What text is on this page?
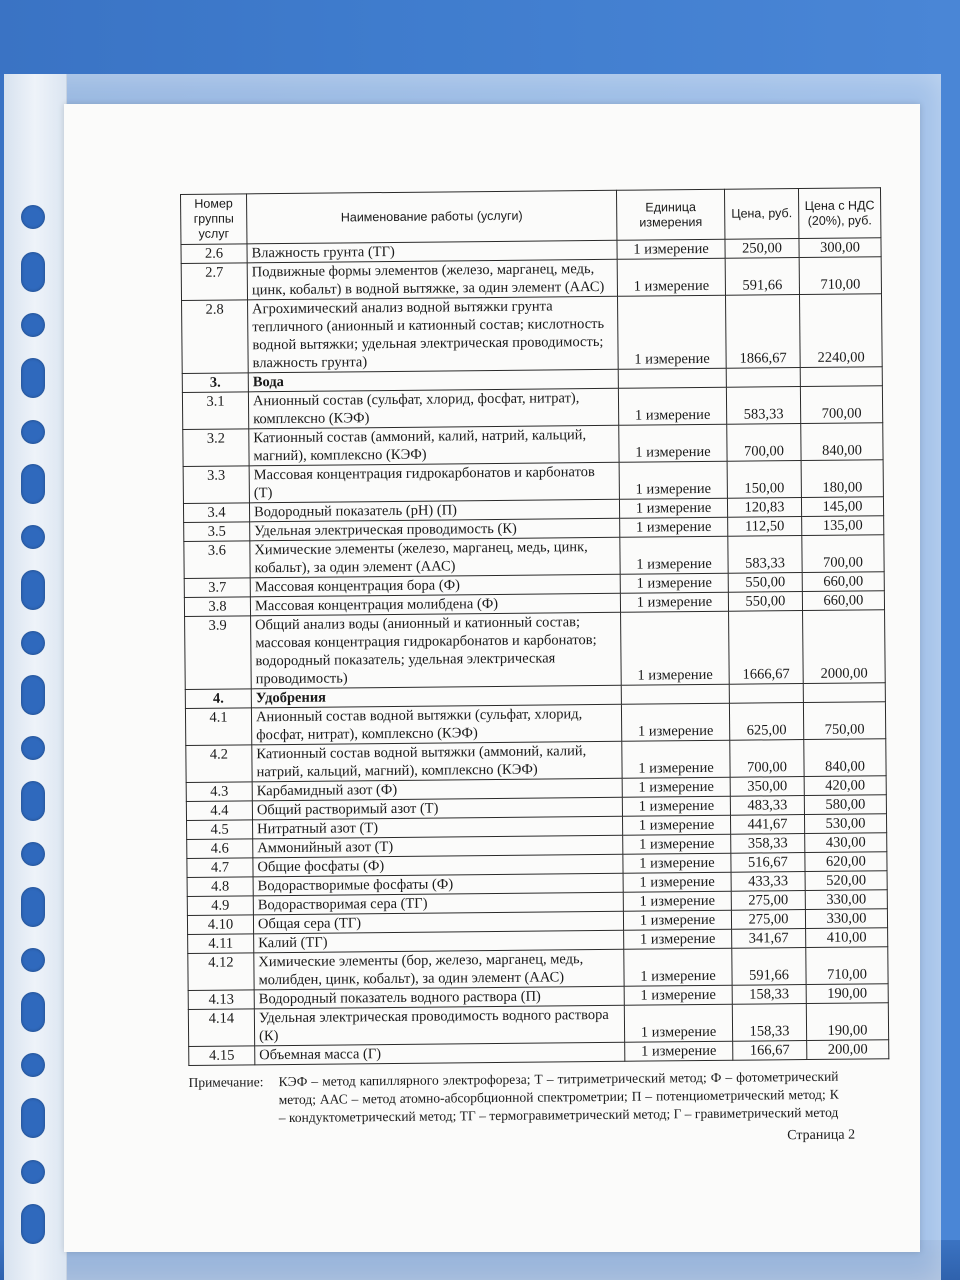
Номер группы услуг	Наименование работы (услуги)	Единица измерения	Цена, руб.	Цена с НДС (20%), руб.
2.6	Влажность грунта (ТГ)	1 измерение	250,00	300,00
2.7	Подвижные формы элементов (железо, марганец, медь, цинк, кобальт) в водной вытяжке, за один элемент (ААС)	1 измерение	591,66	710,00
2.8	Агрохимический анализ водной вытяжки грунта тепличного (анионный и катионный состав; кислотность водной вытяжки; удельная электрическая проводимость; влажность грунта)	1 измерение	1866,67	2240,00
3.	Вода			
3.1	Анионный состав (сульфат, хлорид, фосфат, нитрат), комплексно (КЭФ)	1 измерение	583,33	700,00
3.2	Катионный состав (аммоний, калий, натрий, кальций, магний), комплексно (КЭФ)	1 измерение	700,00	840,00
3.3	Массовая концентрация гидрокарбонатов и карбонатов (Т)	1 измерение	150,00	180,00
3.4	Водородный показатель (pH) (П)	1 измерение	120,83	145,00
3.5	Удельная электрическая проводимость (К)	1 измерение	112,50	135,00
3.6	Химические элементы (железо, марганец, медь, цинк, кобальт), за один элемент (ААС)	1 измерение	583,33	700,00
3.7	Массовая концентрация бора (Ф)	1 измерение	550,00	660,00
3.8	Массовая концентрация молибдена (Ф)	1 измерение	550,00	660,00
3.9	Общий анализ воды (анионный и катионный состав; массовая концентрация гидрокарбонатов и карбонатов; водородный показатель; удельная электрическая проводимость)	1 измерение	1666,67	2000,00
4.	Удобрения			
4.1	Анионный состав водной вытяжки (сульфат, хлорид, фосфат, нитрат), комплексно (КЭФ)	1 измерение	625,00	750,00
4.2	Катионный состав водной вытяжки (аммоний, калий, натрий, кальций, магний), комплексно (КЭФ)	1 измерение	700,00	840,00
4.3	Карбамидный азот (Ф)	1 измерение	350,00	420,00
4.4	Общий растворимый азот (Т)	1 измерение	483,33	580,00
4.5	Нитратный азот (Т)	1 измерение	441,67	530,00
4.6	Аммонийный азот (Т)	1 измерение	358,33	430,00
4.7	Общие фосфаты (Ф)	1 измерение	516,67	620,00
4.8	Водорастворимые фосфаты (Ф)	1 измерение	433,33	520,00
4.9	Водорастворимая сера (ТГ)	1 измерение	275,00	330,00
4.10	Общая сера (ТГ)	1 измерение	275,00	330,00
4.11	Калий (ТГ)	1 измерение	341,67	410,00
4.12	Химические элементы (бор, железо, марганец, медь, молибден, цинк, кобальт), за один элемент (ААС)	1 измерение	591,66	710,00
4.13	Водородный показатель водного раствора (П)	1 измерение	158,33	190,00
4.14	Удельная электрическая проводимость водного раствора (К)	1 измерение	158,33	190,00
4.15	Объемная масса (Г)	1 измерение	166,67	200,00
Примечание:	КЭФ – метод капиллярного электрофореза; Т – титриметрический метод; Ф – фотометрический метод; ААС – метод атомно-абсорбционной спектрометрии; П – потенциометрический метод; К – кондуктометрический метод; ТГ – термогравиметрический метод; Г – гравиметрический метод
Страница 2
